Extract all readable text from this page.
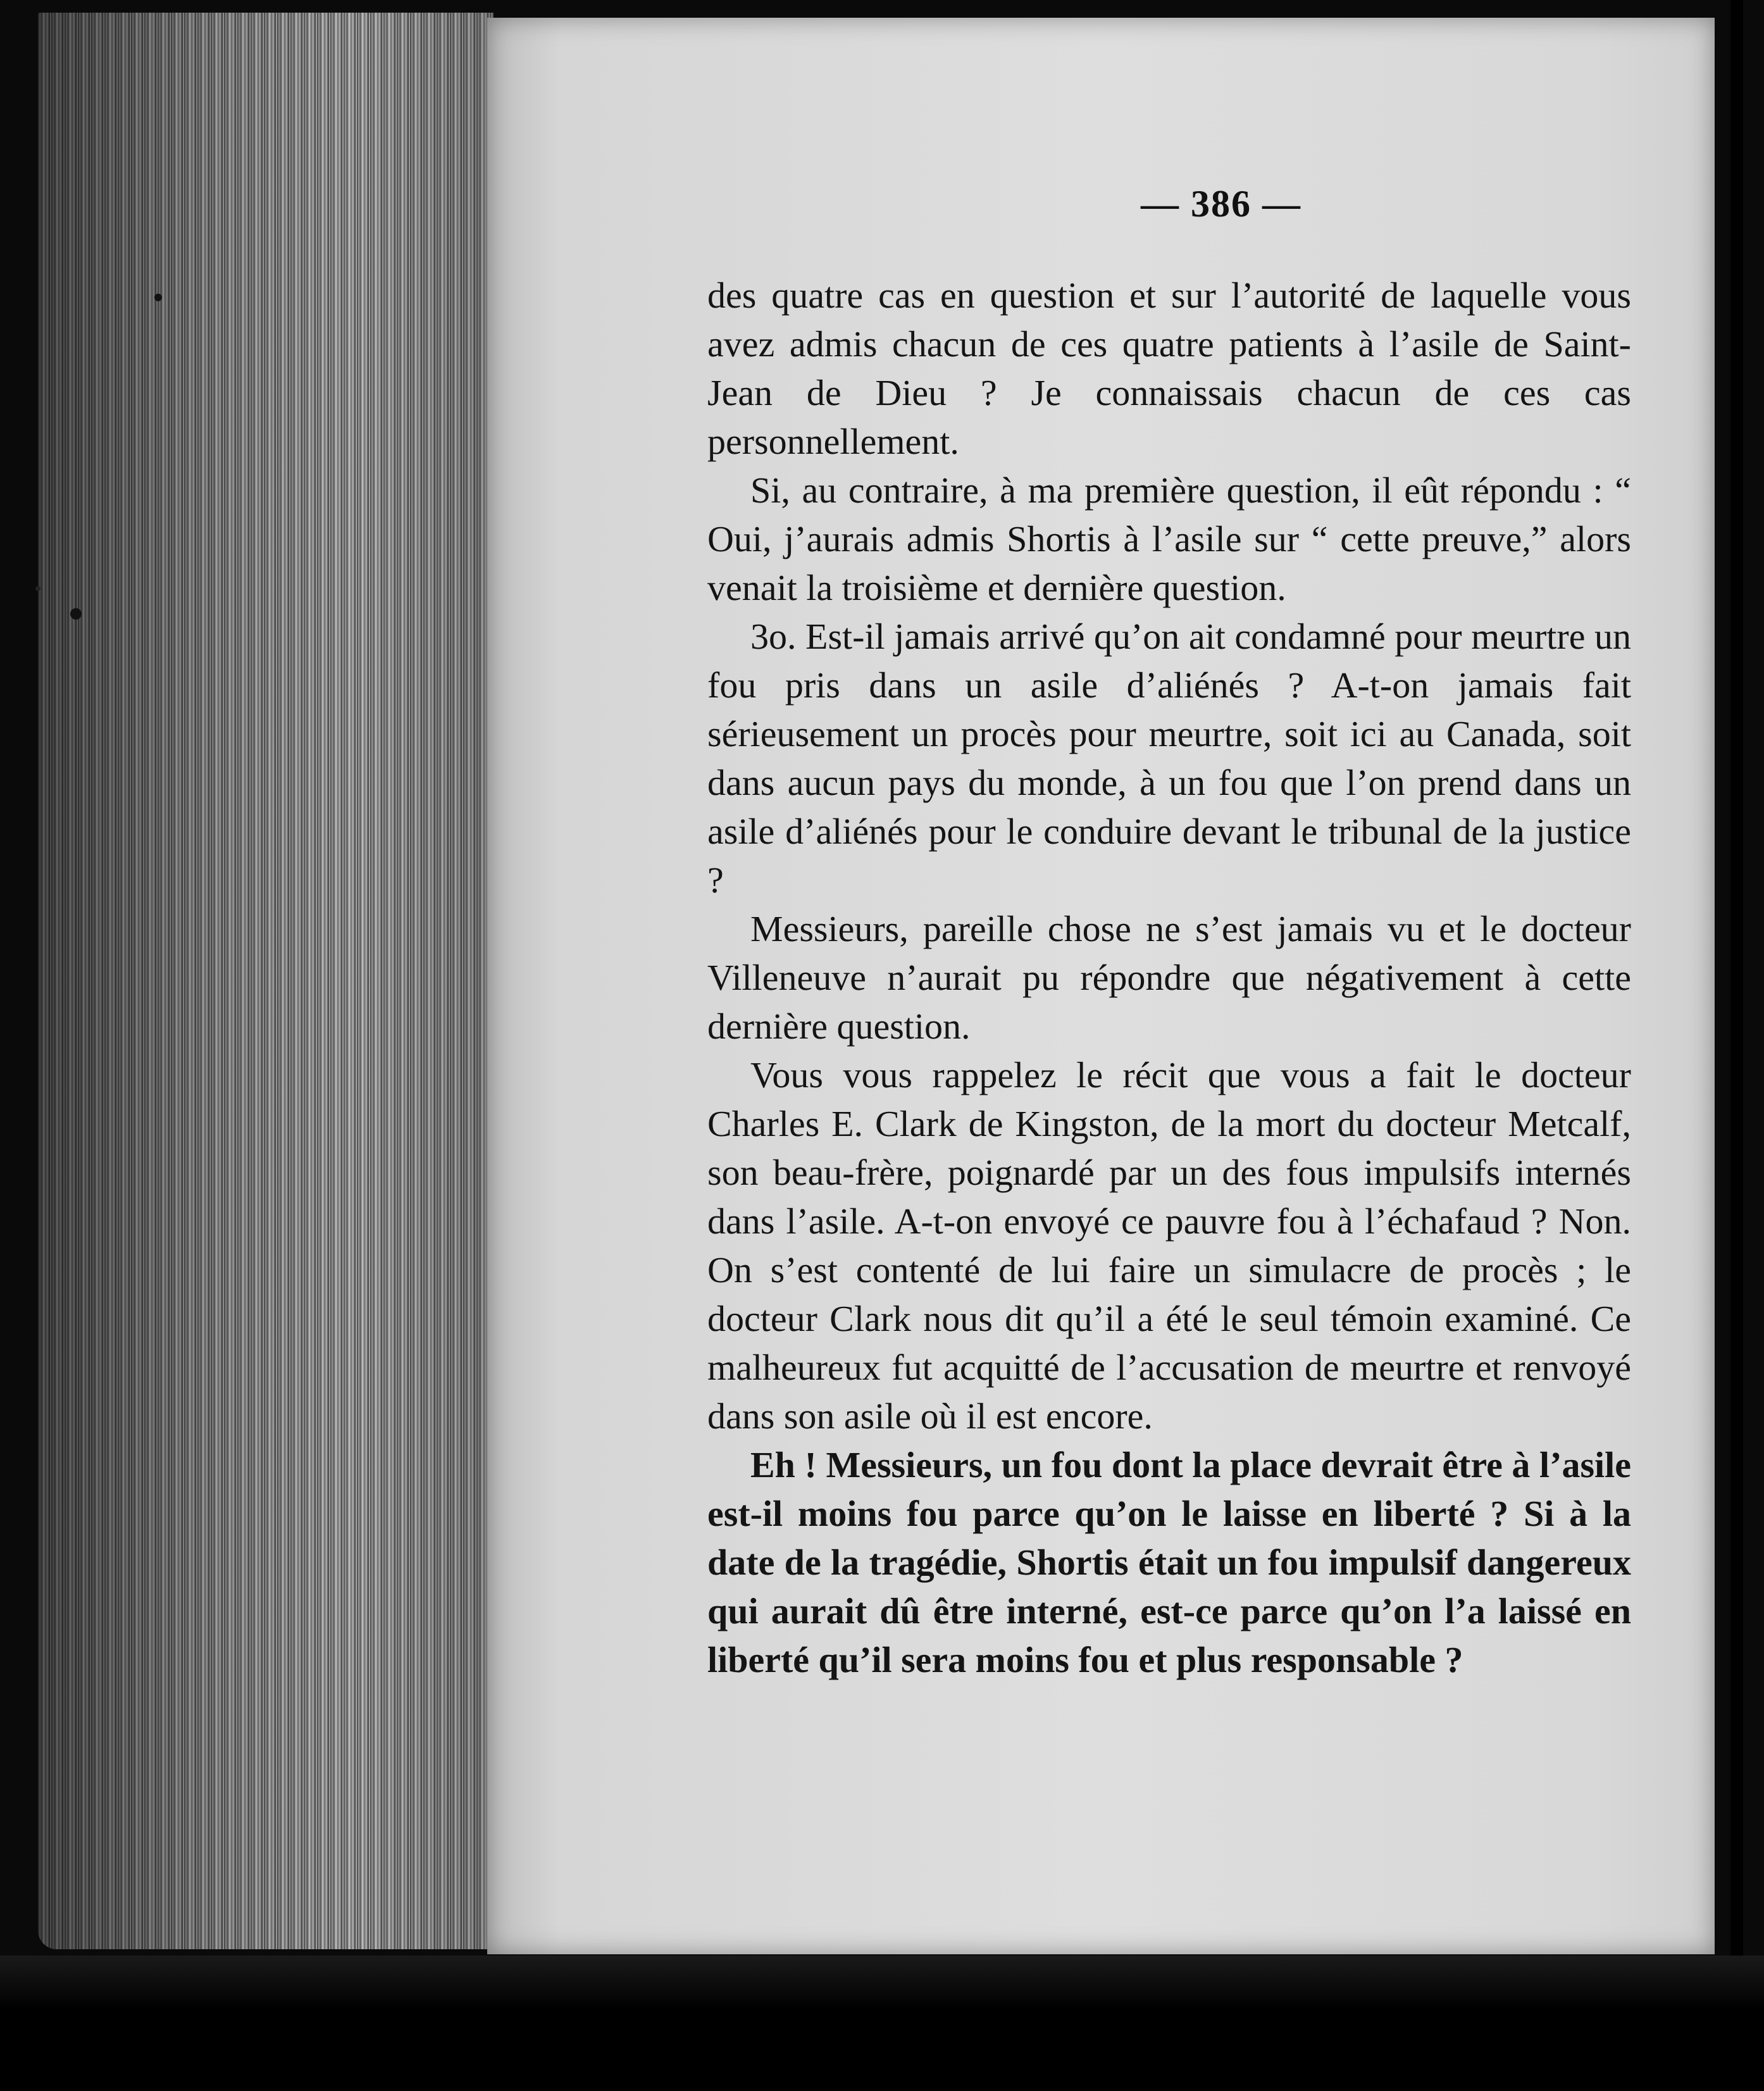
— 386 —

des quatre cas en question et sur l’autorité de laquelle vous avez admis chacun de ces quatre patients à l’asile de Saint-Jean de Dieu ? Je connaissais chacun de ces cas personnellement.

Si, au contraire, à ma première question, il eût répondu : “ Oui, j’aurais admis Shortis à l’asile sur “ cette preuve,” alors venait la troisième et dernière question.

3o. Est-il jamais arrivé qu’on ait condamné pour meurtre un fou pris dans un asile d’aliénés ? A-t-on jamais fait sérieusement un procès pour meurtre, soit ici au Canada, soit dans aucun pays du monde, à un fou que l’on prend dans un asile d’aliénés pour le conduire devant le tribunal de la justice ?

Messieurs, pareille chose ne s’est jamais vu et le docteur Villeneuve n’aurait pu répondre que négativement à cette dernière question.

Vous vous rappelez le récit que vous a fait le docteur Charles E. Clark de Kingston, de la mort du docteur Metcalf, son beau-frère, poignardé par un des fous impulsifs internés dans l’asile. A-t-on envoyé ce pauvre fou à l’échafaud ? Non. On s’est contenté de lui faire un simulacre de procès ; le docteur Clark nous dit qu’il a été le seul témoin examiné. Ce malheureux fut acquitté de l’accusation de meurtre et renvoyé dans son asile où il est encore.

Eh ! Messieurs, un fou dont la place devrait être à l’asile est-il moins fou parce qu’on le laisse en liberté ? Si à la date de la tragédie, Shortis était un fou impulsif dangereux qui aurait dû être interné, est-ce parce qu’on l’a laissé en liberté qu’il sera moins fou et plus responsable ?
